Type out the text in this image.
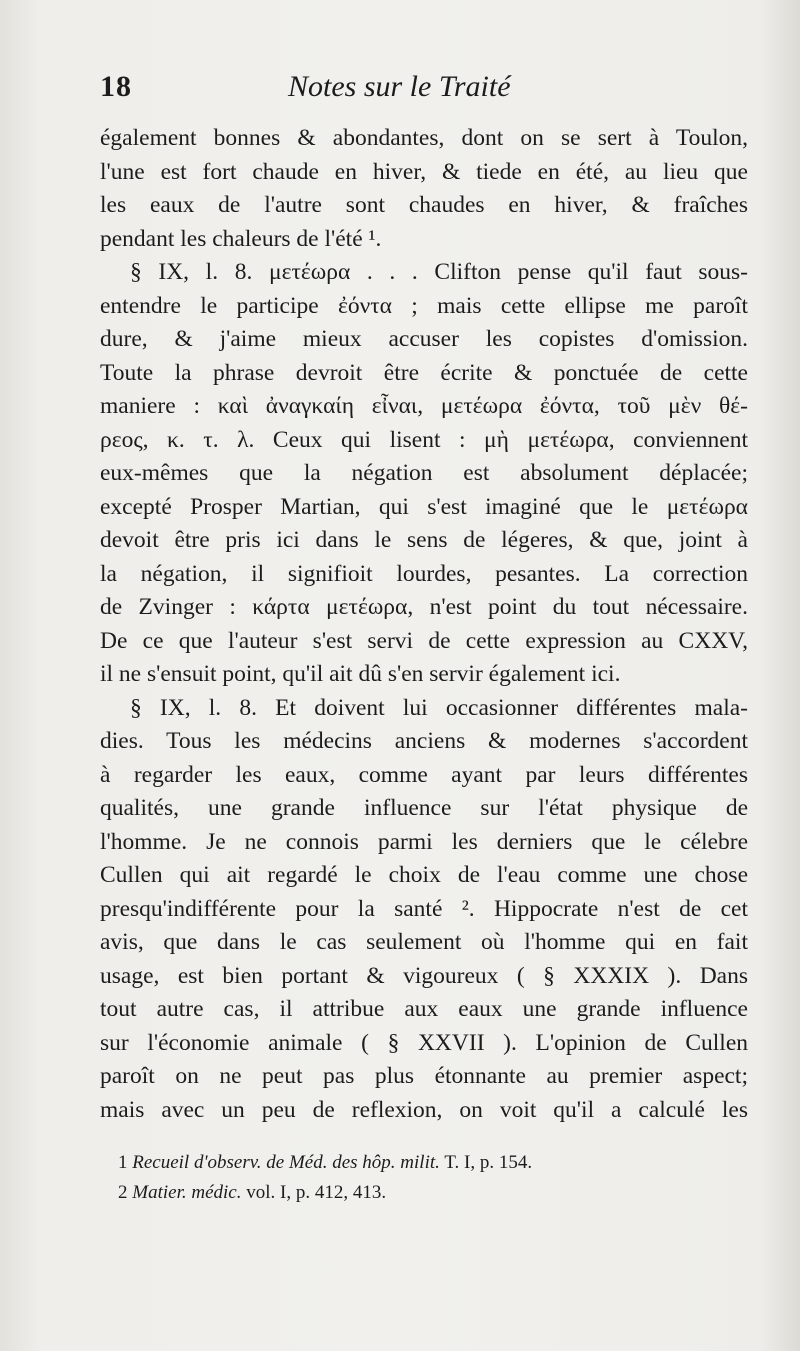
18	Notes sur le Traité
également bonnes & abondantes, dont on se sert à Toulon,
l'une est fort chaude en hiver, & tiede en été, au lieu que
les eaux de l'autre sont chaudes en hiver, & fraîches
pendant les chaleurs de l'été ¹.
§ IX, l. 8. μετέωρα . . . Clifton pense qu'il faut sous-
entendre le participe ἐόντα ; mais cette ellipse me paroît
dure, & j'aime mieux accuser les copistes d'omission.
Toute la phrase devroit être écrite & ponctuée de cette
maniere : καὶ ἀναγκαίη εἶναι, μετέωρα ἐόντα, τοῦ μὲν θέ-
ρεος, κ. τ. λ. Ceux qui lisent : μὴ μετέωρα, conviennent
eux-mêmes que la négation est absolument déplacée;
excepté Prosper Martian, qui s'est imaginé que le μετέωρα
devoit être pris ici dans le sens de légeres, & que, joint à
la négation, il signifioit lourdes, pesantes. La correction
de Zvinger : κάρτα μετέωρα, n'est point du tout nécessaire.
De ce que l'auteur s'est servi de cette expression au CXXV,
il ne s'ensuit point, qu'il ait dû s'en servir également ici.
§ IX, l. 8. Et doivent lui occasionner différentes mala-
dies. Tous les médecins anciens & modernes s'accordent
à regarder les eaux, comme ayant par leurs différentes
qualités, une grande influence sur l'état physique de
l'homme. Je ne connois parmi les derniers que le célebre
Cullen qui ait regardé le choix de l'eau comme une chose
presqu'indifférente pour la santé ². Hippocrate n'est de cet
avis, que dans le cas seulement où l'homme qui en fait
usage, est bien portant & vigoureux ( § XXXIX ). Dans
tout autre cas, il attribue aux eaux une grande influence
sur l'économie animale ( § XXVII ). L'opinion de Cullen
paroît on ne peut pas plus étonnante au premier aspect;
mais avec un peu de reflexion, on voit qu'il a calculé les
1 Recueil d'observ. de Méd. des hôp. milit. T. I, p. 154.
2 Matier. médic. vol. I, p. 412, 413.
